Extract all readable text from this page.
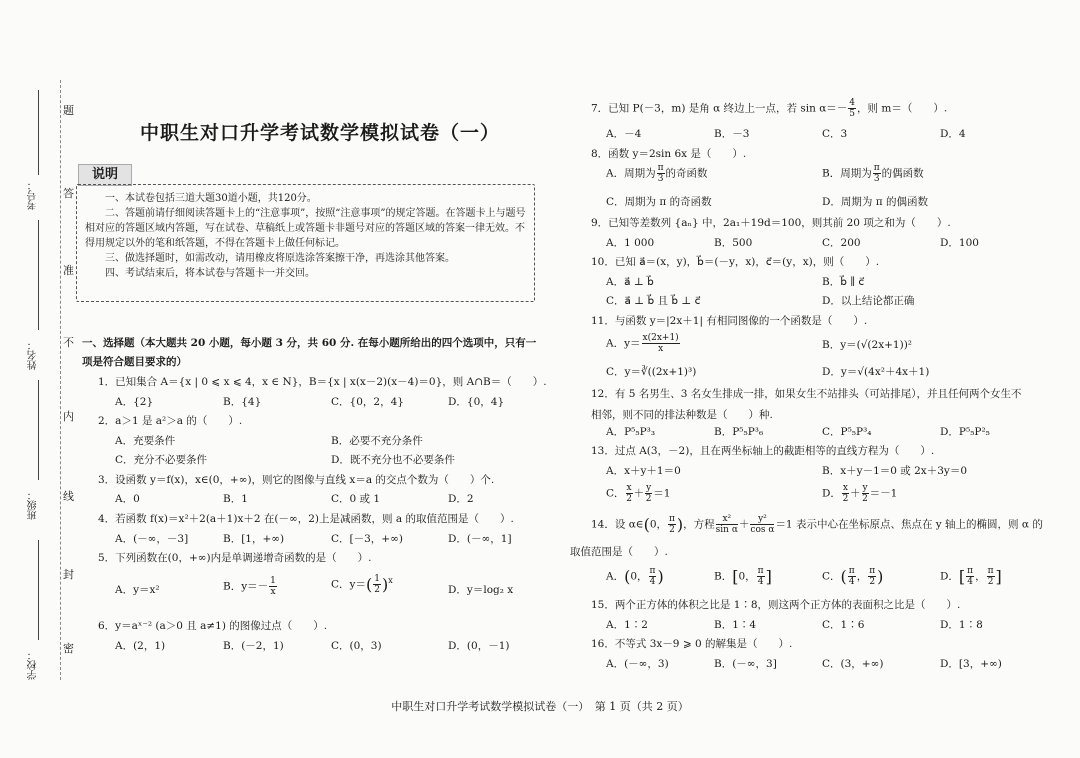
题
答
准
不
内
线
封
密
考号：
姓名：
班级：
学校：
中职生对口升学考试数学模拟试卷（一）
说明

一、本试卷包括三道大题30道小题，共120分。

二、答题前请仔细阅读答题卡上的“注意事项”，按照“注意事项”的规定答题。在答题卡上与题号相对应的答题区域内答题，写在试卷、草稿纸上或答题卡非题号对应的答题区域的答案一律无效。不得用规定以外的笔和纸答题，不得在答题卡上做任何标记。

三、做选择题时，如需改动，请用橡皮将原选涂答案擦干净，再选涂其他答案。

四、考试结束后，将本试卷与答题卡一并交回。

一、选择题（本大题共 20 小题，每小题 3 分，共 60 分. 在每小题所给出的四个选项中，只有一项是符合题目要求的）
1．已知集合 A＝{x | 0 ⩽ x ⩽ 4，x ∈ N}，B＝{x | x(x－2)(x－4)＝0}，则 A∩B＝（　　）.
A．{2}	B．{4}	C．{0，2，4}	D．{0，4}
2．a＞1 是 a²＞a 的（　　）.
A．充要条件	B．必要不充分条件
C．充分不必要条件	D．既不充分也不必要条件
3．设函数 y＝f(x)，x∈(0，+∞)，则它的图像与直线 x＝a 的交点个数为（　　）个.
A．0	B．1	C．0 或 1	D．2
4．若函数 f(x)＝x²＋2(a＋1)x＋2 在(－∞，2)上是减函数，则 a 的取值范围是（　　）.
A．(－∞，－3]	B．[1，+∞)	C．[－3，+∞)	D．(－∞，1]
5．下列函数在(0，+∞)内是单调递增奇函数的是（　　）.
A．y＝x²	B．$y=- \frac{1}{x}$	C．$y=( \frac{1}{2} )^x$
D．y＝log₂ x
6．y＝aˣ⁻² (a＞0 且 a≠1) 的图像过点（　　）.
A．(2，1)	B．(－2，1)	C．(0，3)	D．(0，－1)
7．已知 P(－3，m) 是角 α 终边上一点，若 $\sin \alpha=- \frac{4}{5}$ ，则 m＝（　　）.
A．－4	B．－3	C．3	D．4
8．函数 y＝2sin 6x 是（　　）.
A．周期为 $\frac{\pi}{3}$ 的奇函数	B．周期为 $\frac{\pi}{3}$ 的偶函数
C．周期为 π 的奇函数	D．周期为 π 的偶函数
9．已知等差数列 {aₙ} 中，2a₁＋19d＝100，则其前 20 项之和为（　　）.
A．1 000	B．500	C．200	D．100
10．已知 a⃗＝(x，y)，b⃗＝(－y，x)，c⃗＝(y，x)，则（　　）.
A．a⃗ ⊥ b⃗	B．b⃗ ∥ c⃗
C．a⃗ ⊥ b⃗ 且 b⃗ ⊥ c⃗	D．以上结论都正确
11．与函数 y＝|2x＋1| 有相同图像的一个函数是（　　）.
A．$y= \frac{x(2x+1)}{x}$	B．y＝(√(2x+1))²
C．y＝∛((2x+1)³)	D．y＝√(4x²＋4x＋1)
12．有 5 名男生、3 名女生排成一排，如果女生不站排头（可站排尾），并且任何两个女生不相邻，则不同的排法种数是（　　）种.
A．P⁵₅P³₃	B．P⁵₅P³₆	C．P⁵₅P³₄	D．P⁵₅P²₅
13．过点 A(3，－2)，且在两坐标轴上的截距相等的直线方程为（　　）.
A．x＋y＋1＝0	B．x＋y－1＝0 或 2x＋3y＝0
C． $\frac{x}{2} + \frac{y}{2} =1$	D． $\frac{x}{2} + \frac{y}{2} =-1$
14．设 α∈(0， $\frac{\pi}{2}$ )，方程 $\frac{\text{x²}}{\text{sin α}} + \frac{\text{y²}}{\text{cos α}} =1$ 表示中心在坐标原点、焦点在 y 轴上的椭圆，则 α 的
取值范围是（　　）.
A．(0， $\frac{\pi}{4}$ )	B．[0， $\frac{\pi}{4}$ ]	C．( $\frac{\pi}{4}$ ， $\frac{\pi}{2}$ )	D．[ $\frac{\pi}{4}$ ， $\frac{\pi}{2}$ ]
15．两个正方体的体积之比是 1∶8，则这两个正方体的表面积之比是（　　）.
A．1∶2	B．1∶4	C．1∶6	D．1∶8
16．不等式 3x－9 ⩾ 0 的解集是（　　）.
A．(－∞，3)	B．(－∞，3]	C．(3，+∞)	D．[3，+∞)
中职生对口升学考试数学模拟试卷（一）　第 1 页（共 2 页）
